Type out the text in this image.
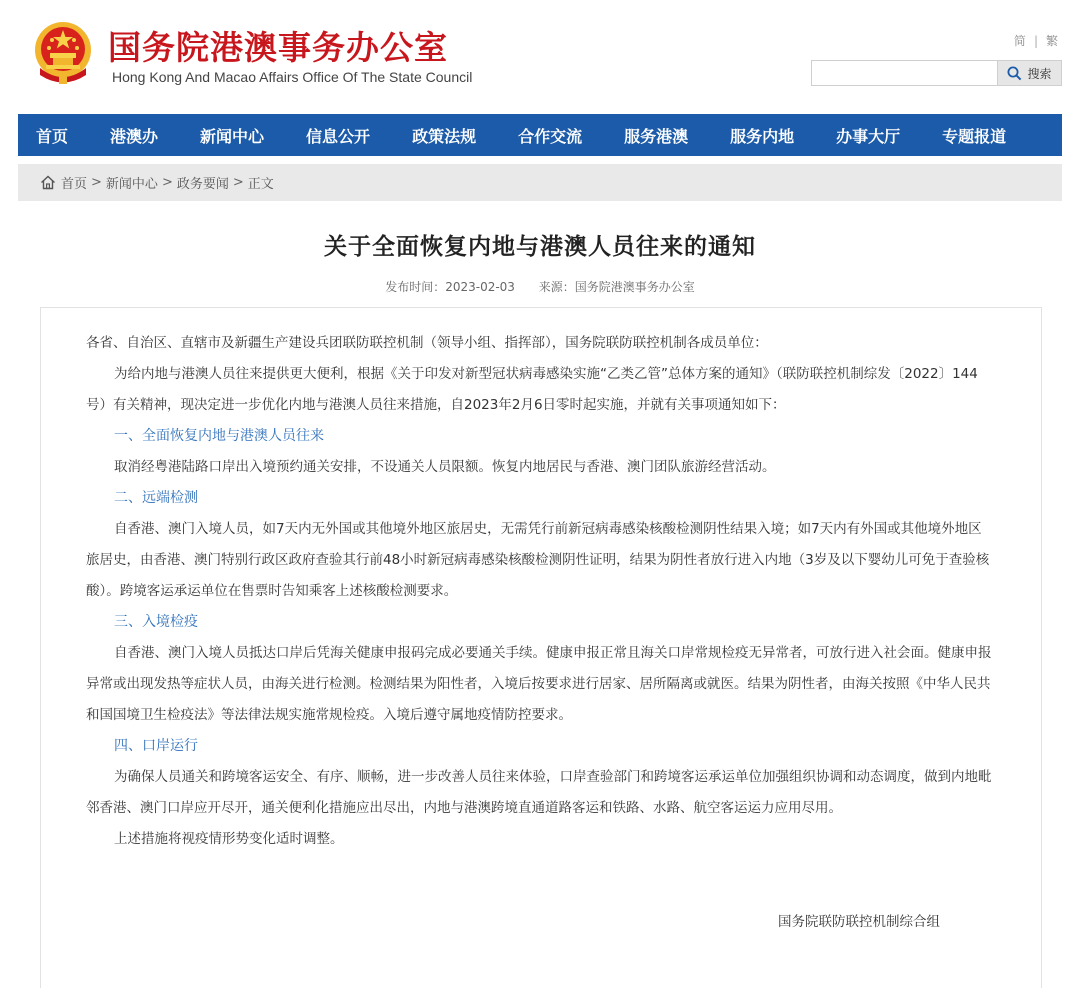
国务院港澳事务办公室
Hong Kong And Macao Affairs Office Of The State Council
简 | 繁
搜索
首页	港澳办	新闻中心	信息公开	政策法规	合作交流	服务港澳	服务内地	办事大厅	专题报道
首页 > 新闻中心 > 政务要闻 > 正文
关于全面恢复内地与港澳人员往来的通知
发布时间：2023-02-03 来源：国务院港澳事务办公室

各省、自治区、直辖市及新疆生产建设兵团联防联控机制（领导小组、指挥部），国务院联防联控机制各成员单位：

为给内地与港澳人员往来提供更大便利，根据《关于印发对新型冠状病毒感染实施“乙类乙管”总体方案的通知》（联防联控机制综发〔2022〕144号）有关精神，现决定进一步优化内地与港澳人员往来措施，自2023年2月6日零时起实施，并就有关事项通知如下：

一、全面恢复内地与港澳人员往来

取消经粤港陆路口岸出入境预约通关安排，不设通关人员限额。恢复内地居民与香港、澳门团队旅游经营活动。

二、远端检测

自香港、澳门入境人员，如7天内无外国或其他境外地区旅居史，无需凭行前新冠病毒感染核酸检测阴性结果入境；如7天内有外国或其他境外地区旅居史，由香港、澳门特别行政区政府查验其行前48小时新冠病毒感染核酸检测阴性证明，结果为阴性者放行进入内地（3岁及以下婴幼儿可免于查验核酸）。跨境客运承运单位在售票时告知乘客上述核酸检测要求。

三、入境检疫

自香港、澳门入境人员抵达口岸后凭海关健康申报码完成必要通关手续。健康申报正常且海关口岸常规检疫无异常者，可放行进入社会面。健康申报异常或出现发热等症状人员，由海关进行检测。检测结果为阳性者，入境后按要求进行居家、居所隔离或就医。结果为阴性者，由海关按照《中华人民共和国国境卫生检疫法》等法律法规实施常规检疫。入境后遵守属地疫情防控要求。

四、口岸运行

为确保人员通关和跨境客运安全、有序、顺畅，进一步改善人员往来体验，口岸查验部门和跨境客运承运单位加强组织协调和动态调度，做到内地毗邻香港、澳门口岸应开尽开，通关便利化措施应出尽出，内地与港澳跨境直通道路客运和铁路、水路、航空客运运力应用尽用。

上述措施将视疫情形势变化适时调整。

国务院联防联控机制综合组
